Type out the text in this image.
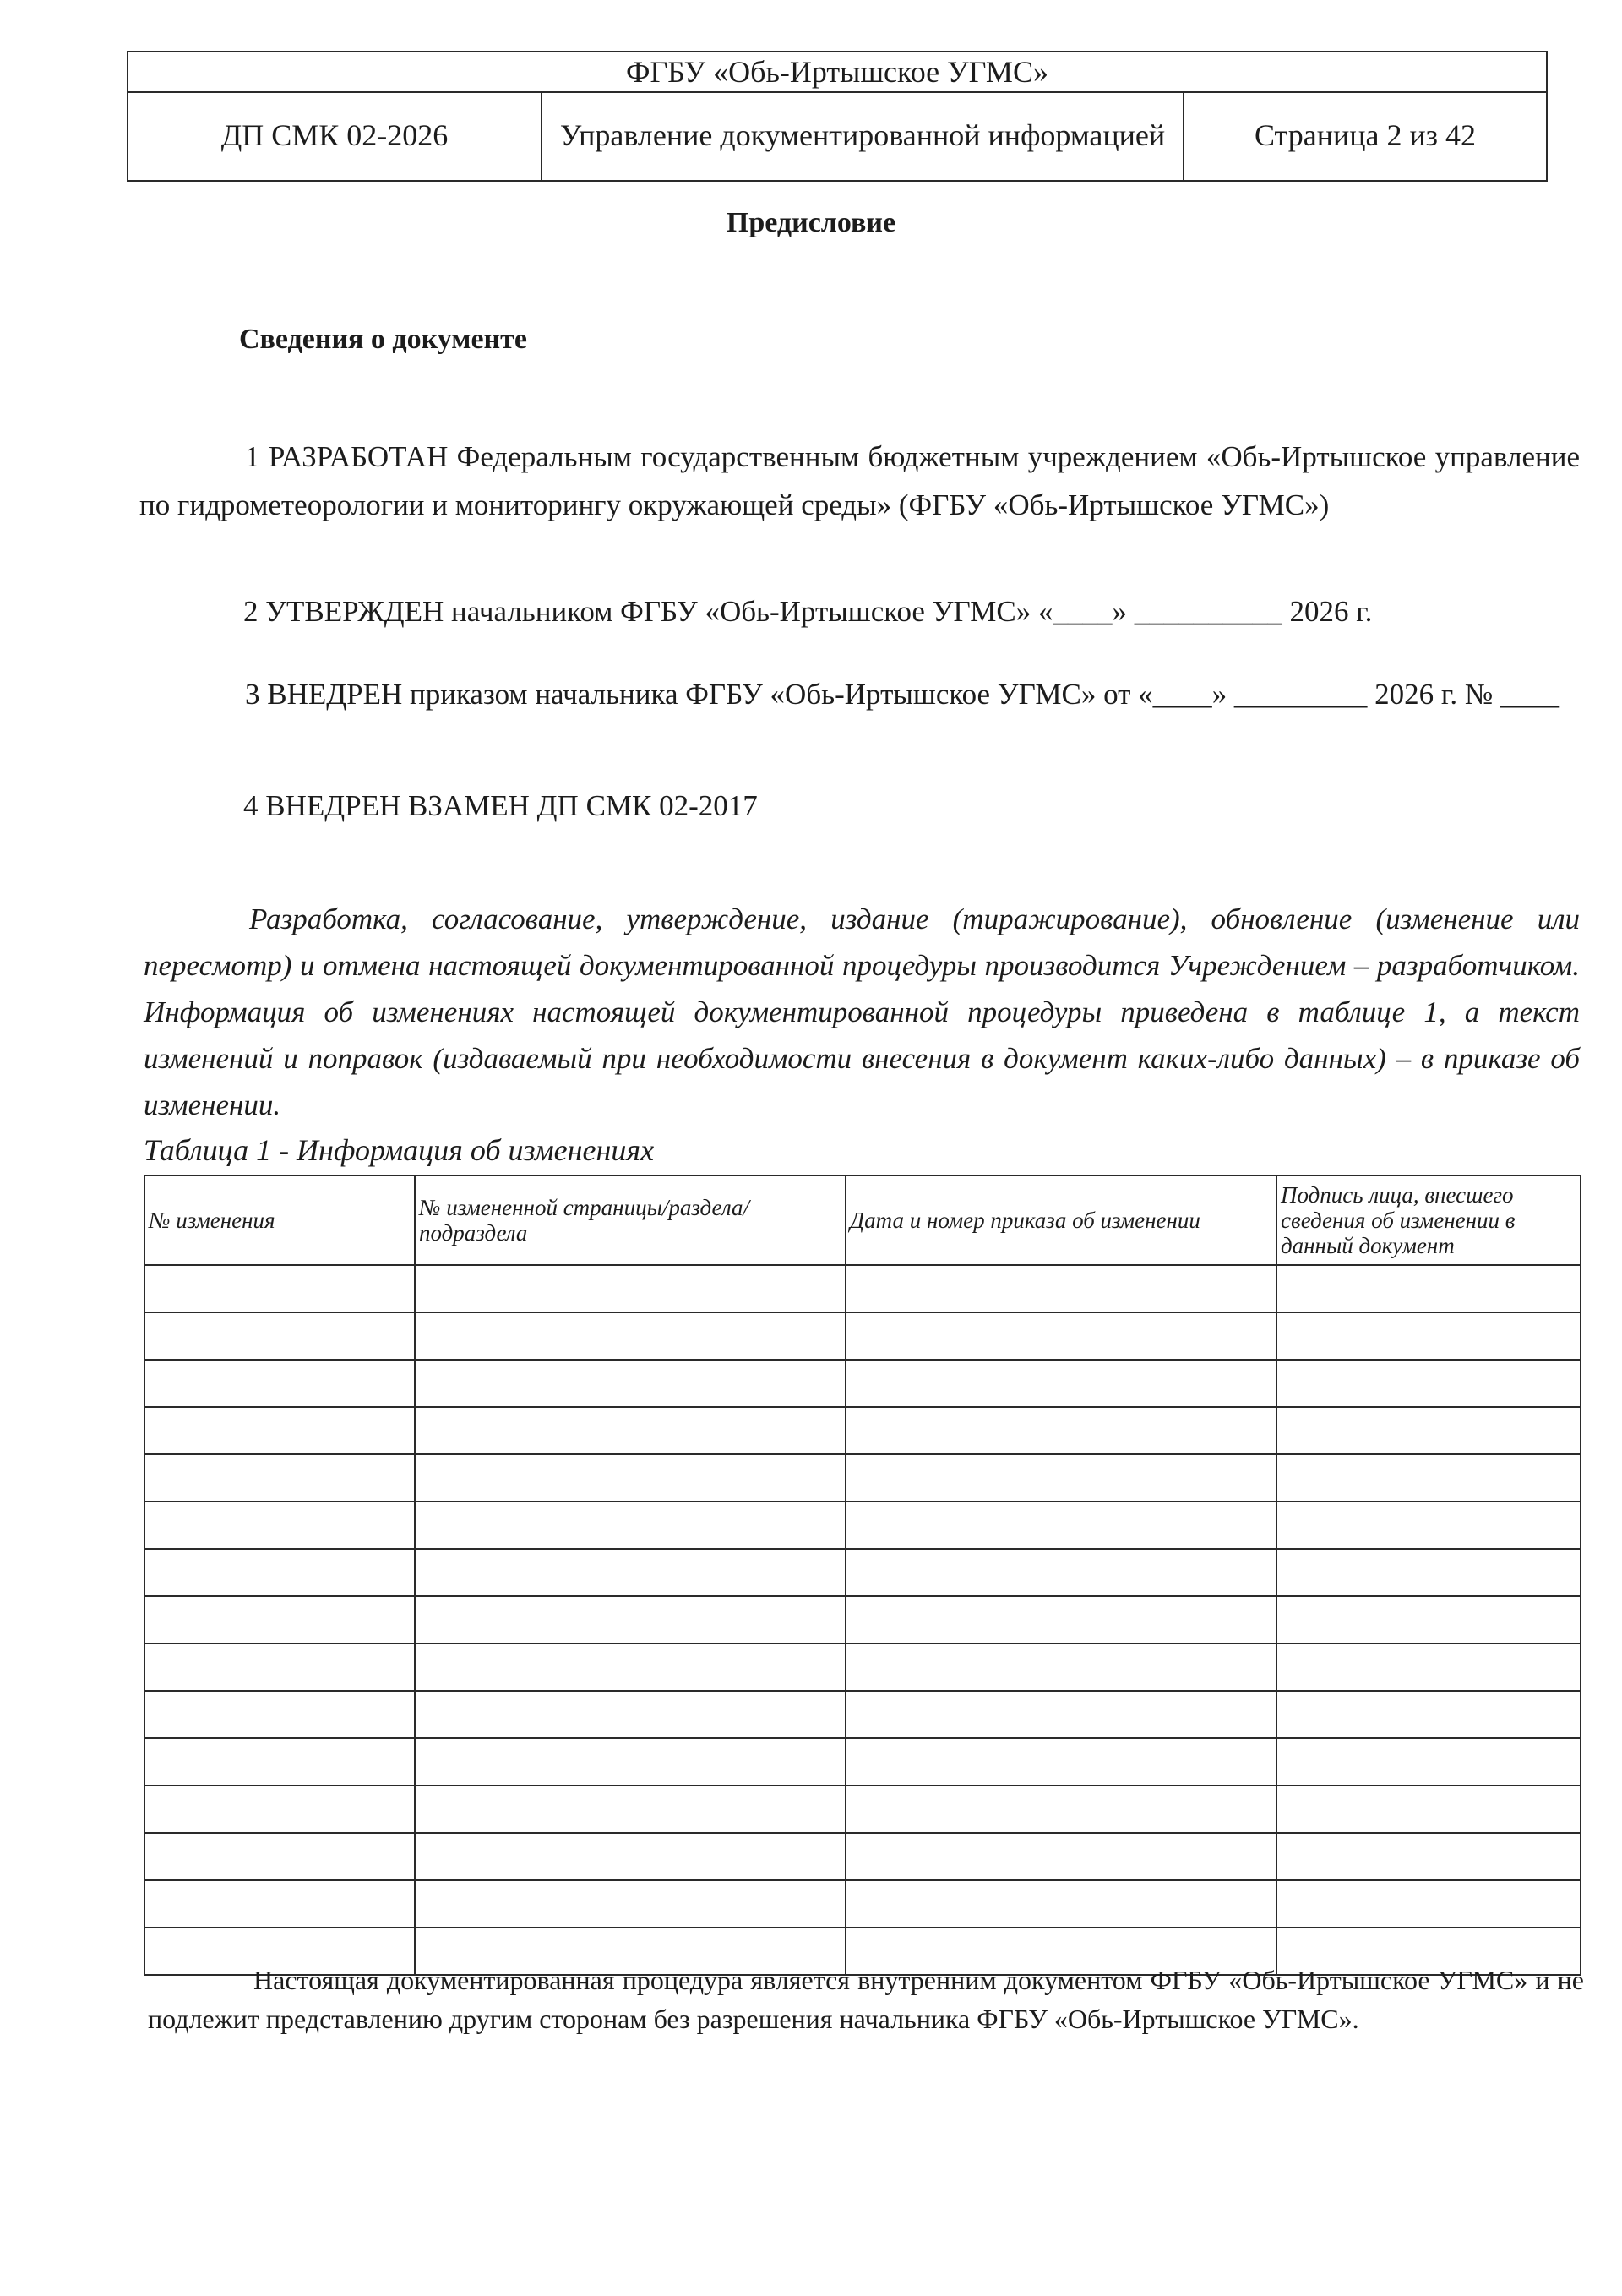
ФГБУ «Обь-Иртышское УГМС»
ДП СМК 02-2026	Управление документированной информацией	Страница 2 из 42
Предисловие
Сведения о документе
1 РАЗРАБОТАН Федеральным государственным бюджетным учреждением «Обь-Иртышское управление по гидрометеорологии и мониторингу окружающей среды» (ФГБУ «Обь-Иртышское УГМС»)
2 УТВЕРЖДЕН начальником ФГБУ «Обь-Иртышское УГМС» «____» __________ 2026 г.
3 ВНЕДРЕН приказом начальника ФГБУ «Обь-Иртышское УГМС» от «____» _________ 2026 г. № ____
4 ВНЕДРЕН ВЗАМЕН ДП СМК 02-2017
Разработка, согласование, утверждение, издание (тиражирование), обновление (изменение или пересмотр) и отмена настоящей документированной процедуры производится Учреждением – разработчиком. Информация об изменениях настоящей документированной процедуры приведена в таблице 1, а текст изменений и поправок (издаваемый при необходимости внесения в документ каких-либо данных) – в приказе об изменении.
Таблица 1 - Информация об изменениях
№ изменения	№ измененной страницы/раздела/подраздела	Дата и номер приказа об изменении	Подпись лица, внесшего сведения об изменении в данный документ

Настоящая документированная процедура является внутренним документом ФГБУ «Обь-Иртышское УГМС» и не подлежит представлению другим сторонам без разрешения начальника ФГБУ «Обь-Иртышское УГМС».
